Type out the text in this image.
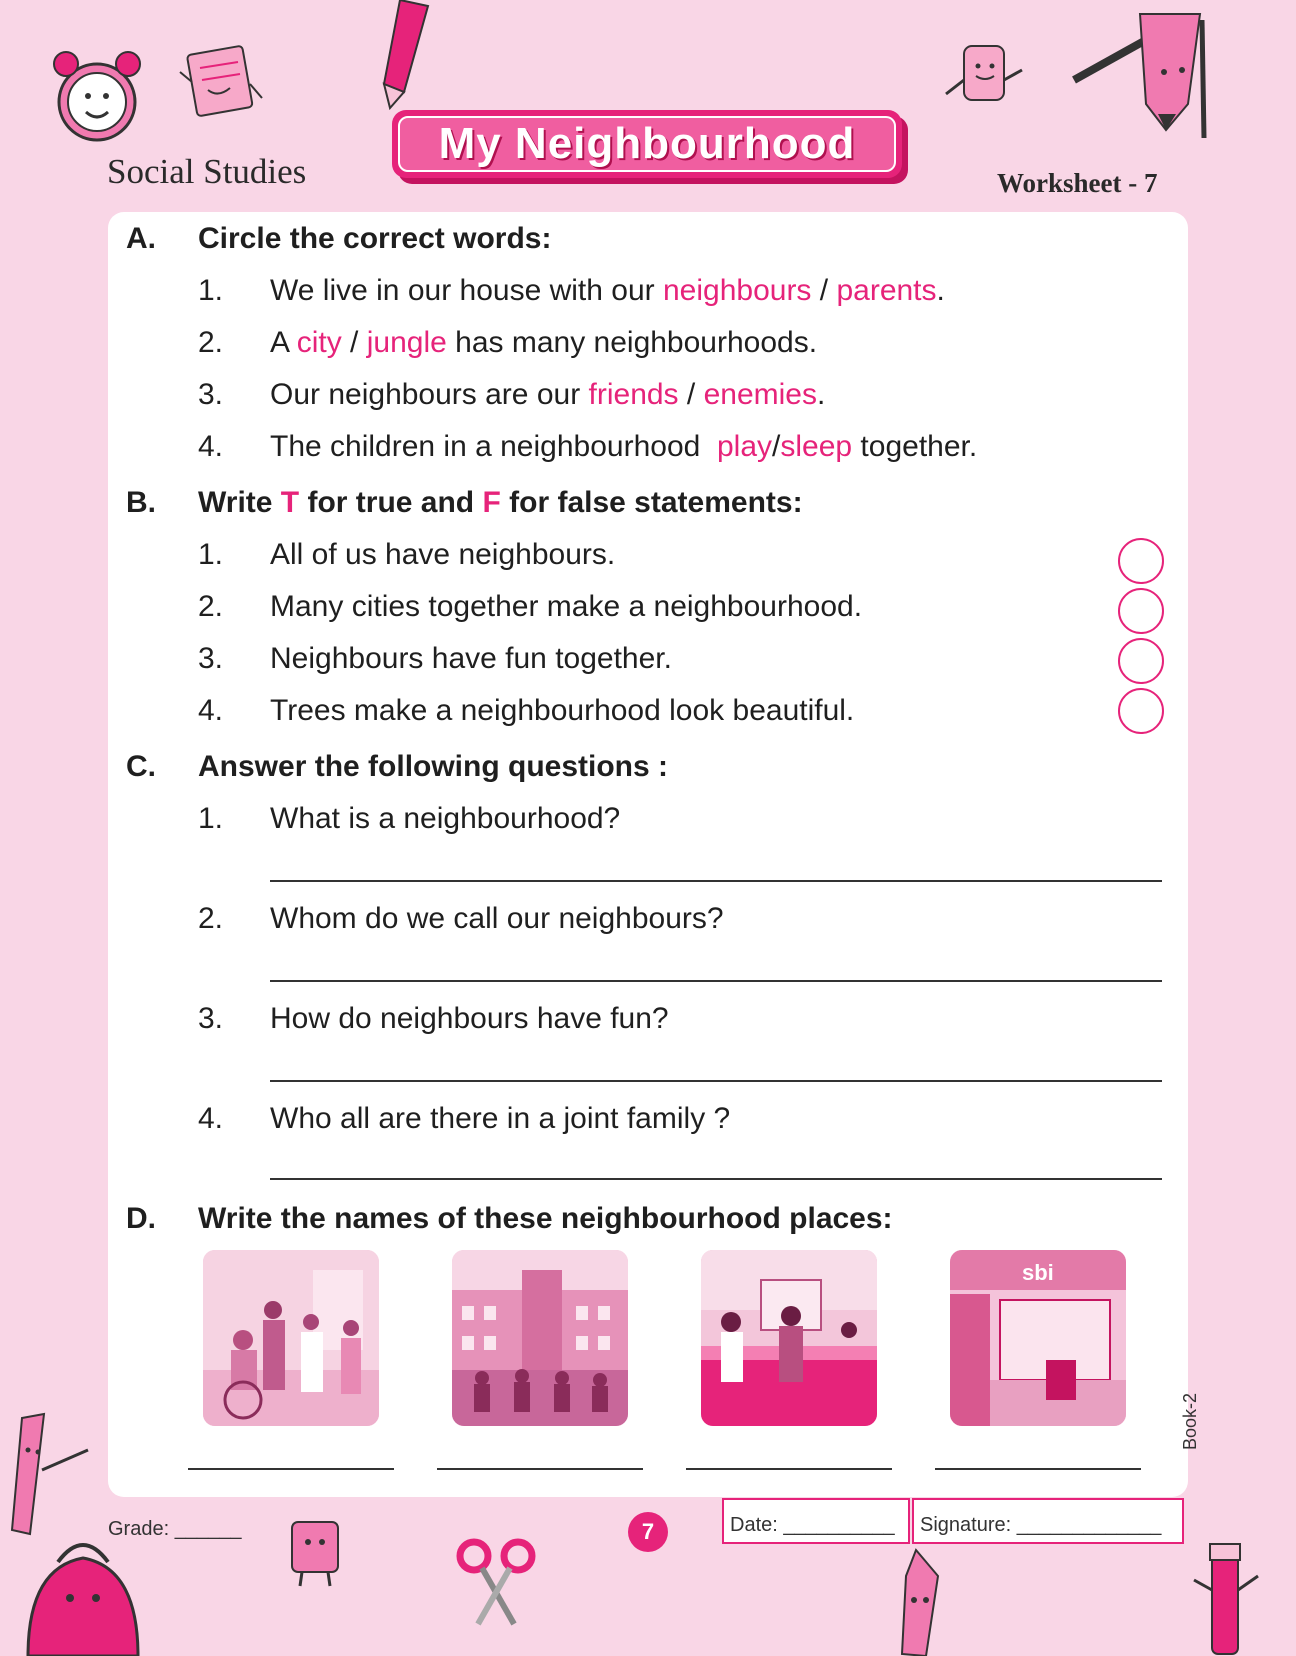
Social Studies
My Neighbourhood
Worksheet - 7
A. Circle the correct words:
1. We live in our house with our neighbours / parents.
2. A city / jungle has many neighbourhoods.
3. Our neighbours are our friends / enemies.
4. The children in a neighbourhood  play/sleep together.
B. Write T for true and F for false statements:
1. All of us have neighbours.
2. Many cities together make a neighbourhood.
3. Neighbours have fun together.
4. Trees make a neighbourhood look beautiful.
C. Answer the following questions :
1. What is a neighbourhood?
2. Whom do we call our neighbours?
3. How do neighbours have fun?
4. Who all are there in a joint family ?
D. Write the names of these neighbourhood places:
sbi
Book-2
Grade: ______	7	Date: __________	Signature: _____________
